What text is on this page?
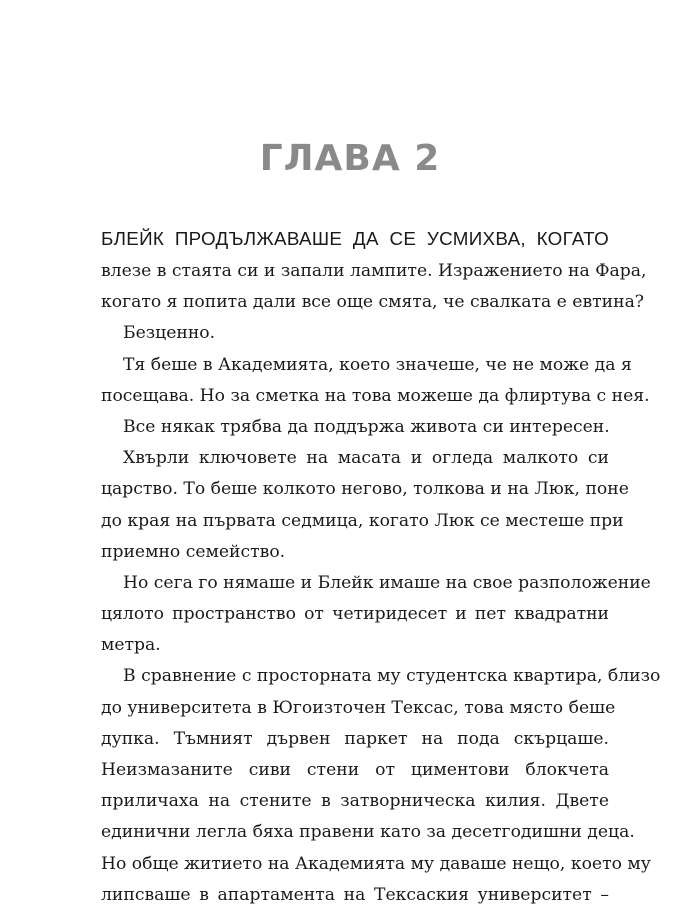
ГЛАВА 2
БЛЕЙК ПРОДЪЛЖАВАШЕ ДА СЕ УСМИХВА, КОГАТО
влезе в стаята си и запали лампите. Изражението на Фара,
когато я попита дали все още смята, че свалката е евтина?
Безценно.
Тя беше в Академията, което значеше, че не може да я
посещава. Но за сметка на това можеше да флиртува с нея.
Все някак трябва да поддържа живота си интересен.
Хвърли ключовете на масата и огледа малкото си
царство. То беше колкото негово, толкова и на Люк, поне
до края на първата седмица, когато Люк се местеше при
приемно семейство.
Но сега го нямаше и Блейк имаше на свое разположение
цялото пространство от четиридесет и пет квадратни
метра.
В сравнение с просторната му студентска квартира, близо
до университета в Югоизточен Тексас, това място беше
дупка. Тъмният дървен паркет на пода скърцаше.
Неизмазаните сиви стени от циментови блокчета
приличаха на стените в затворническа килия. Двете
единични легла бяха правени като за десетгодишни деца.
Но обще житието на Академията му даваше нещо, което му
липсваше в апартамента на Тексаския университет –
